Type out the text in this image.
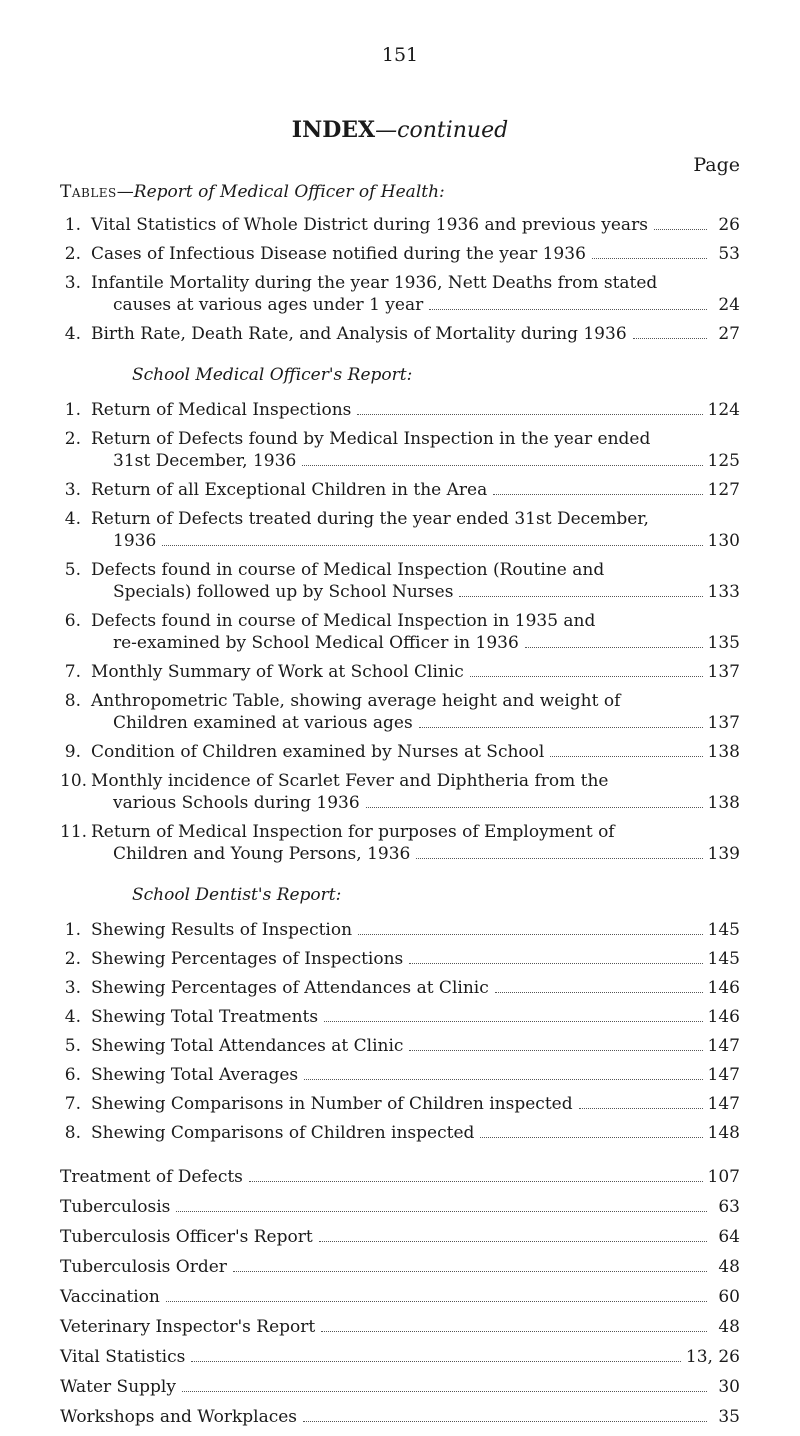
151
INDEX—continued
Page
Tables—Report of Medical Officer of Health:
1. Vital Statistics of Whole District during 1936 and previous years	26
2. Cases of Infectious Disease notified during the year 1936	53
3. Infantile Mortality during the year 1936, Nett Deaths from stated
causes at various ages under 1 year	24
4. Birth Rate, Death Rate, and Analysis of Mortality during 1936	27
School Medical Officer's Report:
1. Return of Medical Inspections	124
2. Return of Defects found by Medical Inspection in the year ended
31st December, 1936	125
3. Return of all Exceptional Children in the Area	127
4. Return of Defects treated during the year ended 31st December,
1936	130
5. Defects found in course of Medical Inspection (Routine and
Specials) followed up by School Nurses	133
6. Defects found in course of Medical Inspection in 1935 and
re-examined by School Medical Officer in 1936	135
7. Monthly Summary of Work at School Clinic	137
8. Anthropometric Table, showing average height and weight of
Children examined at various ages	137
9. Condition of Children examined by Nurses at School	138
10. Monthly incidence of Scarlet Fever and Diphtheria from the
various Schools during 1936	138
11. Return of Medical Inspection for purposes of Employment of
Children and Young Persons, 1936	139
School Dentist's Report:
1. Shewing Results of Inspection	145
2. Shewing Percentages of Inspections	145
3. Shewing Percentages of Attendances at Clinic	146
4. Shewing Total Treatments	146
5. Shewing Total Attendances at Clinic	147
6. Shewing Total Averages	147
7. Shewing Comparisons in Number of Children inspected	147
8. Shewing Comparisons of Children inspected	148
Treatment of Defects	107
Tuberculosis	63
Tuberculosis Officer's Report	64
Tuberculosis Order	48
Vaccination	60
Veterinary Inspector's Report	48
Vital Statistics	13, 26
Water Supply	30
Workshops and Workplaces	35
